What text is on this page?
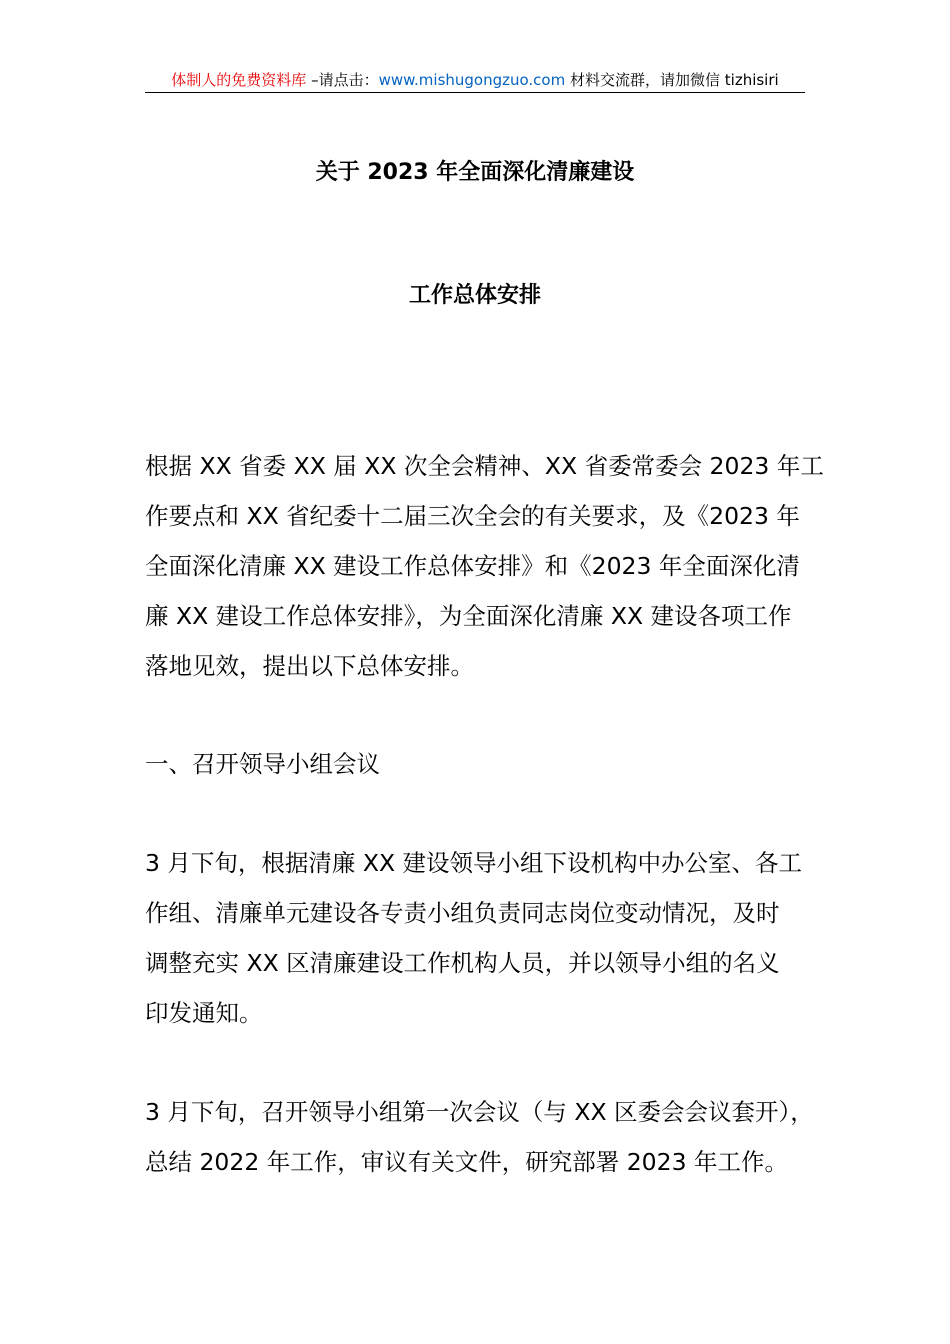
体制人的免费资料库 –请点击：www.mishugongzuo.com 材料交流群，请加微信 tizhisiri
关于 2023 年全面深化清廉建设
工作总体安排

根据 XX 省委 XX 届 XX 次全会精神、XX 省委常委会 2023 年工
作要点和 XX 省纪委十二届三次全会的有关要求，及《2023 年
全面深化清廉 XX 建设工作总体安排》和《2023 年全面深化清
廉 XX 建设工作总体安排》，为全面深化清廉 XX 建设各项工作
落地见效，提出以下总体安排。

一、召开领导小组会议

3 月下旬，根据清廉 XX 建设领导小组下设机构中办公室、各工
作组、清廉单元建设各专责小组负责同志岗位变动情况，及时
调整充实 XX 区清廉建设工作机构人员，并以领导小组的名义
印发通知。

3 月下旬，召开领导小组第一次会议（与 XX 区委会会议套开），
总结 2022 年工作，审议有关文件，研究部署 2023 年工作。
